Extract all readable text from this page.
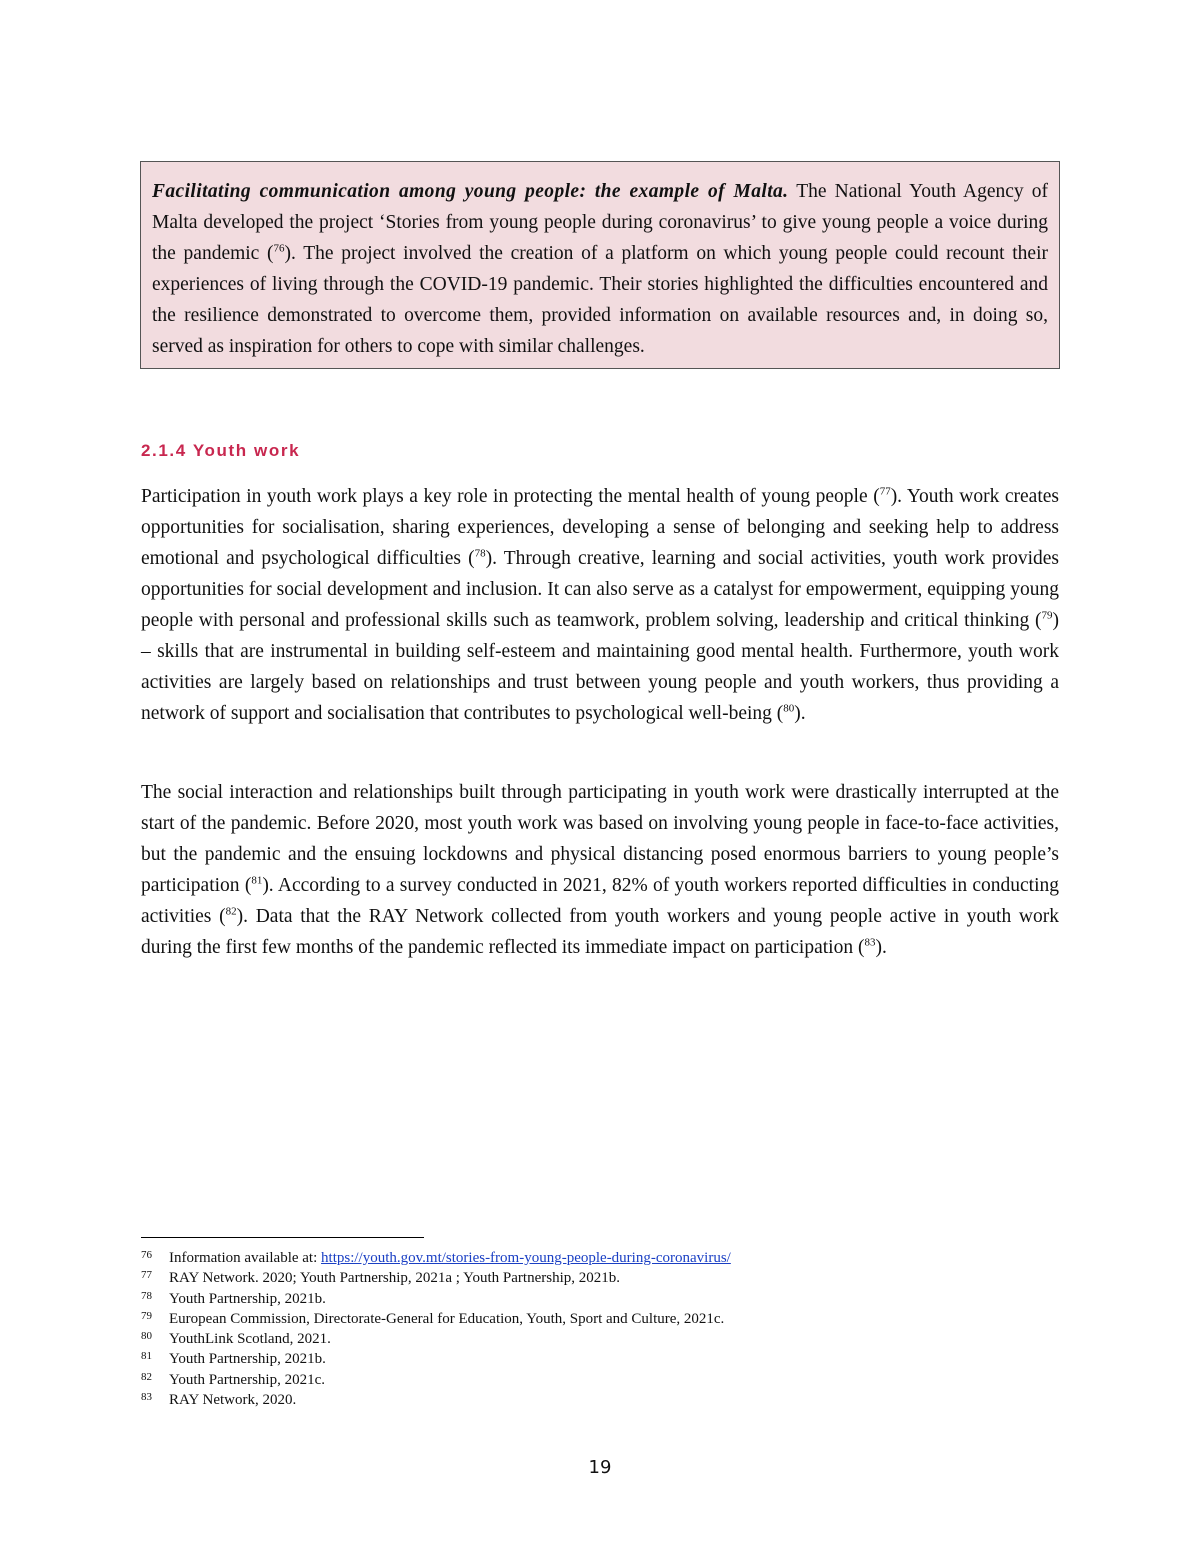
Facilitating communication among young people: the example of Malta. The National Youth Agency of Malta developed the project ‘Stories from young people during coronavirus’ to give young people a voice during the pandemic ($^{76}$). The project involved the creation of a platform on which young people could recount their experiences of living through the COVID-19 pandemic. Their stories highlighted the difficulties encountered and the resilience demonstrated to overcome them, provided information on available resources and, in doing so, served as inspiration for others to cope with similar challenges.
2.1.4 Youth work

Participation in youth work plays a key role in protecting the mental health of young people ($^{77}$). Youth work creates opportunities for socialisation, sharing experiences, developing a sense of belonging and seeking help to address emotional and psychological difficulties ($^{78}$). Through creative, learning and social activities, youth work provides opportunities for social development and inclusion. It can also serve as a catalyst for empowerment, equipping young people with personal and professional skills such as teamwork, problem solving, leadership and critical thinking ($^{79}$) – skills that are instrumental in building self-esteem and maintaining good mental health. Furthermore, youth work activities are largely based on relationships and trust between young people and youth workers, thus providing a network of support and socialisation that contributes to psychological well-being ($^{80}$).

The social interaction and relationships built through participating in youth work were drastically interrupted at the start of the pandemic. Before 2020, most youth work was based on involving young people in face-to-face activities, but the pandemic and the ensuing lockdowns and physical distancing posed enormous barriers to young people’s participation ($^{81}$). According to a survey conducted in 2021, 82% of youth workers reported difficulties in conducting activities ($^{82}$). Data that the RAY Network collected from youth workers and young people active in youth work during the first few months of the pandemic reflected its immediate impact on participation ($^{83}$).

76	Information available at: https://youth.gov.mt/stories-from-young-people-during-coronavirus/
77	RAY Network. 2020; Youth Partnership, 2021a ; Youth Partnership, 2021b.
78	Youth Partnership, 2021b.
79	European Commission, Directorate-General for Education, Youth, Sport and Culture, 2021c.
80	YouthLink Scotland, 2021.
81	Youth Partnership, 2021b.
82	Youth Partnership, 2021c.
83	RAY Network, 2020.
19
